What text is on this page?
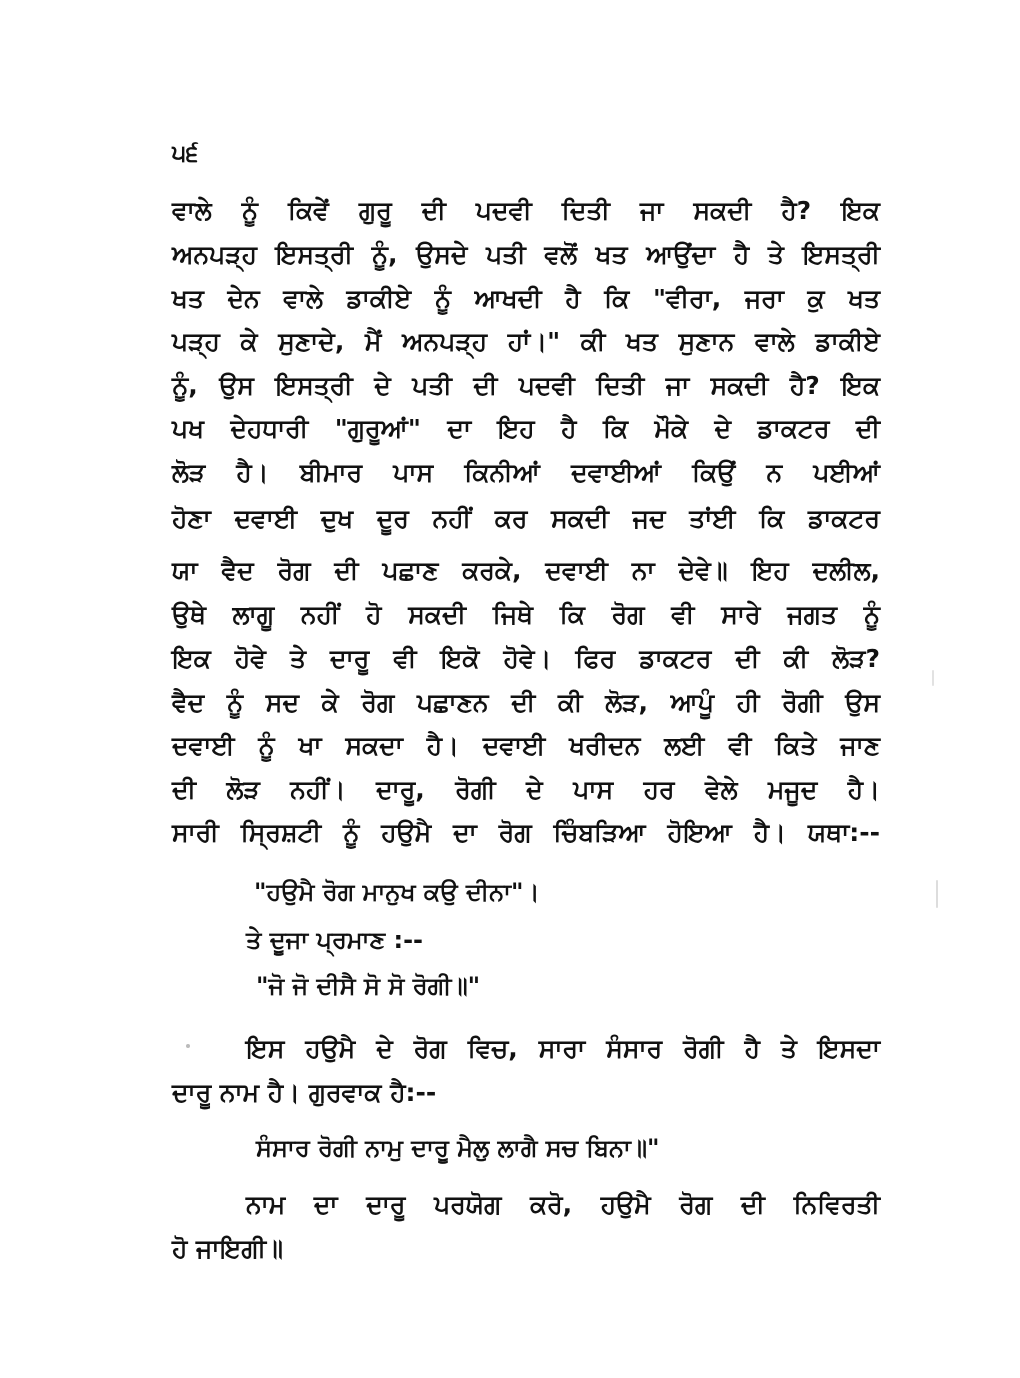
੫੬
ਵਾਲੇ ਨੂੰ ਕਿਵੇਂ ਗੁਰੂ ਦੀ ਪਦਵੀ ਦਿਤੀ ਜਾ ਸਕਦੀ ਹੈ? ਇਕ
ਅਨਪੜ੍ਹ ਇਸਤ੍ਰੀ ਨੂੰ, ਉਸਦੇ ਪਤੀ ਵਲੋਂ ਖਤ ਆਉਂਦਾ ਹੈ ਤੇ ਇਸਤ੍ਰੀ
ਖਤ ਦੇਨ ਵਾਲੇ ਡਾਕੀਏ ਨੂੰ ਆਖਦੀ ਹੈ ਕਿ "ਵੀਰਾ, ਜਰਾ ਕੁ ਖਤ
ਪੜ੍ਹ ਕੇ ਸੁਣਾਦੇ, ਮੈਂ ਅਨਪੜ੍ਹ ਹਾਂ।" ਕੀ ਖਤ ਸੁਣਾਨ ਵਾਲੇ ਡਾਕੀਏ
ਨੂੰ, ਉਸ ਇਸਤ੍ਰੀ ਦੇ ਪਤੀ ਦੀ ਪਦਵੀ ਦਿਤੀ ਜਾ ਸਕਦੀ ਹੈ? ਇਕ
ਪਖ ਦੇਹਧਾਰੀ "ਗੁਰੂਆਂ" ਦਾ ਇਹ ਹੈ ਕਿ ਮੌਕੇ ਦੇ ਡਾਕਟਰ ਦੀ
ਲੋੜ ਹੈ। ਬੀਮਾਰ ਪਾਸ ਕਿਨੀਆਂ ਦਵਾਈਆਂ ਕਿਉਂ ਨ ਪਈਆਂ
ਹੋਣਾ ਦਵਾਈ ਦੁਖ ਦੂਰ ਨਹੀਂ ਕਰ ਸਕਦੀ ਜਦ ਤਾਂਈ ਕਿ ਡਾਕਟਰ
ਯਾ ਵੈਦ ਰੋਗ ਦੀ ਪਛਾਣ ਕਰਕੇ, ਦਵਾਈ ਨਾ ਦੇਵੇ॥ ਇਹ ਦਲੀਲ,
ਉਥੇ ਲਾਗੂ ਨਹੀਂ ਹੋ ਸਕਦੀ ਜਿਥੇ ਕਿ ਰੋਗ ਵੀ ਸਾਰੇ ਜਗਤ ਨੂੰ
ਇਕ ਹੋਵੇ ਤੇ ਦਾਰੂ ਵੀ ਇਕੋ ਹੋਵੇ। ਫਿਰ ਡਾਕਟਰ ਦੀ ਕੀ ਲੋੜ?
ਵੈਦ ਨੂੰ ਸਦ ਕੇ ਰੋਗ ਪਛਾਣਨ ਦੀ ਕੀ ਲੋੜ, ਆਪੂੰ ਹੀ ਰੋਗੀ ਉਸ
ਦਵਾਈ ਨੂੰ ਖਾ ਸਕਦਾ ਹੈ। ਦਵਾਈ ਖਰੀਦਨ ਲਈ ਵੀ ਕਿਤੇ ਜਾਣ
ਦੀ ਲੋੜ ਨਹੀਂ। ਦਾਰੂ, ਰੋਗੀ ਦੇ ਪਾਸ ਹਰ ਵੇਲੇ ਮਜੂਦ ਹੈ।
ਸਾਰੀ ਸ੍ਰਿਸ਼ਟੀ ਨੂੰ ਹਉਮੈ ਦਾ ਰੋਗ ਚਿੰਬੜਿਆ ਹੋਇਆ ਹੈ। ਯਥਾ:--
"ਹਉਮੈ ਰੋਗ ਮਾਨੁਖ ਕਉ ਦੀਨਾ"।
ਤੇ ਦੂਜਾ ਪ੍ਰਮਾਣ :--
"ਜੋ ਜੋ ਦੀਸੈ ਸੋ ਸੋ ਰੋਗੀ॥"
ਇਸ ਹਉਮੈ ਦੇ ਰੋਗ ਵਿਚ, ਸਾਰਾ ਸੰਸਾਰ ਰੋਗੀ ਹੈ ਤੇ ਇਸਦਾ
ਦਾਰੂ ਨਾਮ ਹੈ। ਗੁਰਵਾਕ ਹੈ:--
ਸੰਸਾਰ ਰੋਗੀ ਨਾਮੁ ਦਾਰੂ ਮੈਲੁ ਲਾਗੈ ਸਚ ਬਿਨਾ॥"
ਨਾਮ ਦਾ ਦਾਰੂ ਪਰਯੋਗ ਕਰੋ, ਹਉਮੈ ਰੋਗ ਦੀ ਨਿਵਿਰਤੀ
ਹੋ ਜਾਇਗੀ॥
